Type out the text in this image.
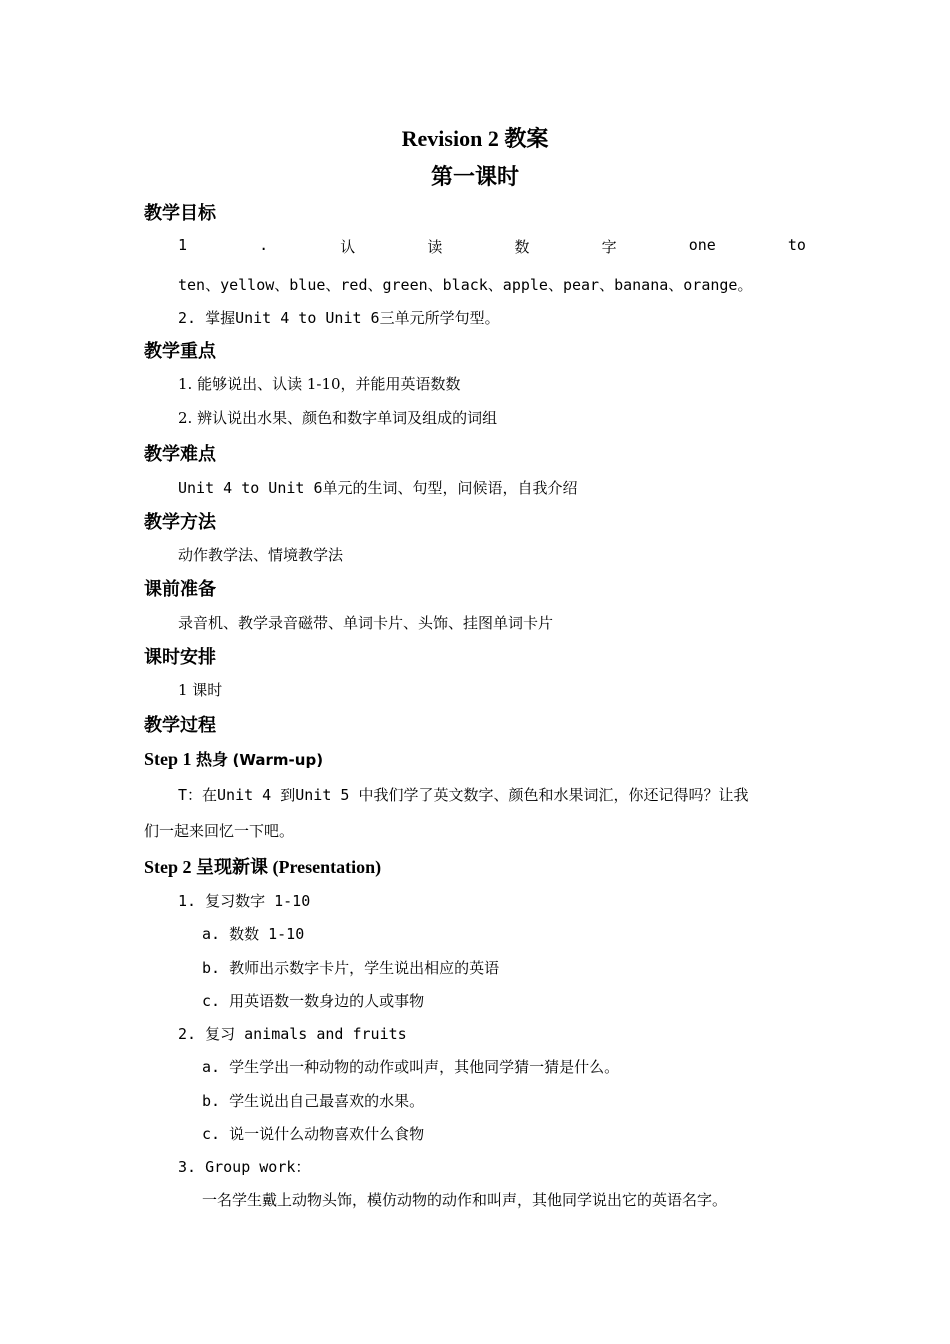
Revision 2 教案
第一课时
教学目标
1	.	认	读	数	字	one	to
ten、yellow、blue、red、green、black、apple、pear、banana、orange。
2. 掌握Unit 4 to Unit 6三单元所学句型。
教学重点
1. 能够说出、认读 1-10，并能用英语数数
2. 辨认说出水果、颜色和数字单词及组成的词组
教学难点
Unit 4 to Unit 6单元的生词、句型，问候语，自我介绍
教学方法
动作教学法、情境教学法
课前准备
录音机、教学录音磁带、单词卡片、头饰、挂图单词卡片
课时安排
1 课时
教学过程
Step 1 热身 (Warm-up)
T：在Unit 4 到Unit 5 中我们学了英文数字、颜色和水果词汇，你还记得吗？让我
们一起来回忆一下吧。
Step 2 呈现新课 (Presentation)
1. 复习数字 1-10
a. 数数 1-10
b. 教师出示数字卡片，学生说出相应的英语
c. 用英语数一数身边的人或事物
2. 复习 animals and fruits
a. 学生学出一种动物的动作或叫声，其他同学猜一猜是什么。
b. 学生说出自己最喜欢的水果。
c. 说一说什么动物喜欢什么食物
3. Group work：
一名学生戴上动物头饰，模仿动物的动作和叫声，其他同学说出它的英语名字。
